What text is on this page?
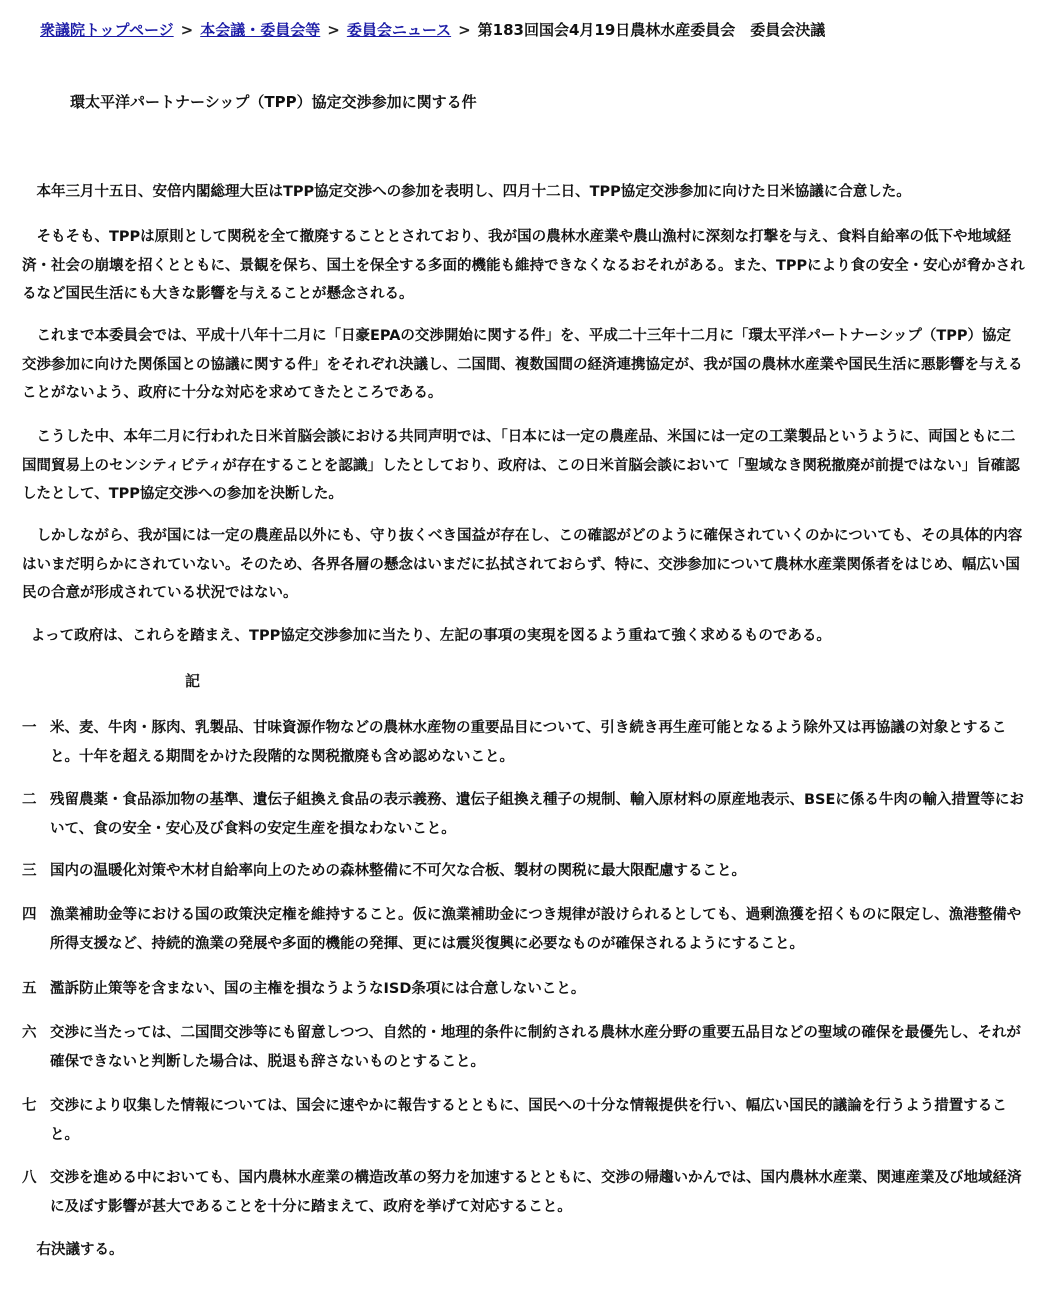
衆議院トップページ > 本会議・委員会等 > 委員会ニュース > 第183回国会4月19日農林水産委員会　委員会決議
環太平洋パートナーシップ（TPP）協定交渉参加に関する件

本年三月十五日、安倍内閣総理大臣はTPP協定交渉への参加を表明し、四月十二日、TPP協定交渉参加に向けた日米協議に合意した。

そもそも、TPPは原則として関税を全て撤廃することとされており、我が国の農林水産業や農山漁村に深刻な打撃を与え、食料自給率の低下や地域経済・社会の崩壊を招くとともに、景観を保ち、国土を保全する多面的機能も維持できなくなるおそれがある。また、TPPにより食の安全・安心が脅かされるなど国民生活にも大きな影響を与えることが懸念される。

これまで本委員会では、平成十八年十二月に「日豪EPAの交渉開始に関する件」を、平成二十三年十二月に「環太平洋パートナーシップ（TPP）協定交渉参加に向けた関係国との協議に関する件」をそれぞれ決議し、二国間、複数国間の経済連携協定が、我が国の農林水産業や国民生活に悪影響を与えることがないよう、政府に十分な対応を求めてきたところである。

こうした中、本年二月に行われた日米首脳会談における共同声明では、「日本には一定の農産品、米国には一定の工業製品というように、両国ともに二国間貿易上のセンシティビティが存在することを認識」したとしており、政府は、この日米首脳会談において「聖域なき関税撤廃が前提ではない」旨確認したとして、TPP協定交渉への参加を決断した。

しかしながら、我が国には一定の農産品以外にも、守り抜くべき国益が存在し、この確認がどのように確保されていくのかについても、その具体的内容はいまだ明らかにされていない。そのため、各界各層の懸念はいまだに払拭されておらず、特に、交渉参加について農林水産業関係者をはじめ、幅広い国民の合意が形成されている状況ではない。

よって政府は、これらを踏まえ、TPP協定交渉参加に当たり、左記の事項の実現を図るよう重ねて強く求めるものである。

記
一 米、麦、牛肉・豚肉、乳製品、甘味資源作物などの農林水産物の重要品目について、引き続き再生産可能となるよう除外又は再協議の対象とすること。十年を超える期間をかけた段階的な関税撤廃も含め認めないこと。
二 残留農薬・食品添加物の基準、遺伝子組換え食品の表示義務、遺伝子組換え種子の規制、輸入原材料の原産地表示、BSEに係る牛肉の輸入措置等において、食の安全・安心及び食料の安定生産を損なわないこと。
三 国内の温暖化対策や木材自給率向上のための森林整備に不可欠な合板、製材の関税に最大限配慮すること。
四 漁業補助金等における国の政策決定権を維持すること。仮に漁業補助金につき規律が設けられるとしても、過剰漁獲を招くものに限定し、漁港整備や所得支援など、持続的漁業の発展や多面的機能の発揮、更には震災復興に必要なものが確保されるようにすること。
五 濫訴防止策等を含まない、国の主権を損なうようなISD条項には合意しないこと。
六 交渉に当たっては、二国間交渉等にも留意しつつ、自然的・地理的条件に制約される農林水産分野の重要五品目などの聖域の確保を最優先し、それが確保できないと判断した場合は、脱退も辞さないものとすること。
七 交渉により収集した情報については、国会に速やかに報告するとともに、国民への十分な情報提供を行い、幅広い国民的議論を行うよう措置すること。
八 交渉を進める中においても、国内農林水産業の構造改革の努力を加速するとともに、交渉の帰趨いかんでは、国内農林水産業、関連産業及び地域経済に及ぼす影響が甚大であることを十分に踏まえて、政府を挙げて対応すること。
右決議する。
